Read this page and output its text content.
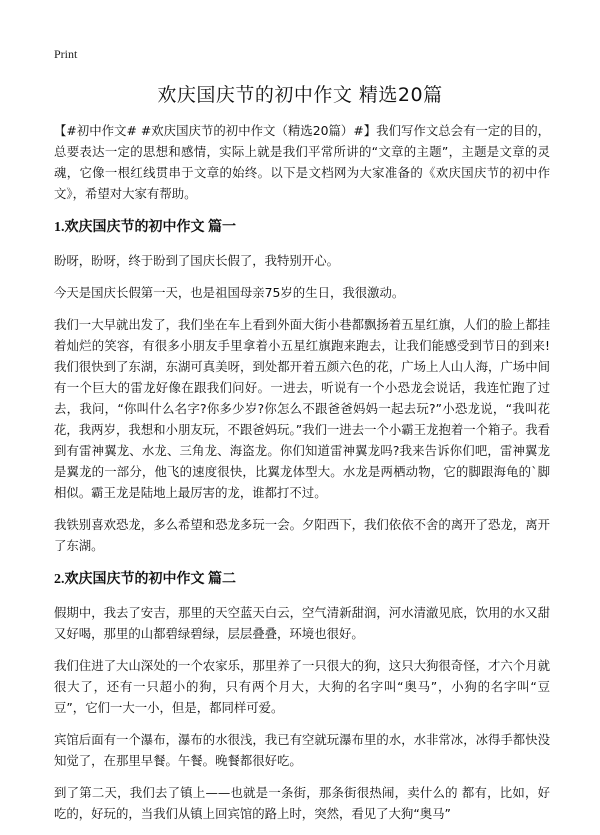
Print
欢庆国庆节的初中作文 精选20篇

【#初中作文# #欢庆国庆节的初中作文（精选20篇）#】我们写作文总会有一定的目的，总要表达一定的思想和感情，实际上就是我们平常所讲的“文章的主题”，主题是文章的灵魂，它像一根红线贯串于文章的始终。以下是文档网为大家准备的《欢庆国庆节的初中作文》，希望对大家有帮助。

1.欢庆国庆节的初中作文 篇一

盼呀，盼呀，终于盼到了国庆长假了，我特别开心。

今天是国庆长假第一天，也是祖国母亲75岁的生日，我很激动。

我们一大早就出发了，我们坐在车上看到外面大街小巷都飘扬着五星红旗，人们的脸上都挂着灿烂的笑容，有很多小朋友手里拿着小五星红旗跑来跑去，让我们能感受到节日的到来!我们很快到了东湖，东湖可真美呀，到处都开着五颜六色的花，广场上人山人海，广场中间有一个巨大的雷龙好像在跟我们问好。一进去，听说有一个小恐龙会说话，我连忙跑了过去，我问，“你叫什么名字?你多少岁?你怎么不跟爸爸妈妈一起去玩?”小恐龙说，“我叫花花，我两岁，我想和小朋友玩，不跟爸妈玩。”我们一进去一个小霸王龙抱着一个箱子。我看到有雷神翼龙、水龙、三角龙、海盗龙。你们知道雷神翼龙吗?我来告诉你们吧，雷神翼龙是翼龙的一部分，他飞的速度很快，比翼龙体型大。水龙是两栖动物，它的脚跟海龟的`脚相似。霸王龙是陆地上最厉害的龙，谁都打不过。

我铁别喜欢恐龙，多么希望和恐龙多玩一会。夕阳西下，我们依依不舍的离开了恐龙，离开了东湖。

2.欢庆国庆节的初中作文 篇二

假期中，我去了安吉，那里的天空蓝天白云，空气清新甜润，河水清澈见底，饮用的水又甜又好喝，那里的山都碧绿碧绿，层层叠叠，环境也很好。

我们住进了大山深处的一个农家乐，那里养了一只很大的狗，这只大狗很奇怪，才六个月就很大了，还有一只超小的狗，只有两个月大，大狗的名字叫“奥马”，小狗的名字叫“豆豆”，它们一大一小，但是，都同样可爱。

宾馆后面有一个瀑布，瀑布的水很浅，我已有空就玩瀑布里的水，水非常冰，冰得手都快没知觉了，在那里早餐。午餐。晚餐都很好吃。

到了第二天，我们去了镇上——也就是一条街，那条街很热闹，卖什么的 都有，比如，好吃的，好玩的，当我们从镇上回宾馆的路上时，突然，看见了大狗“奥马”
